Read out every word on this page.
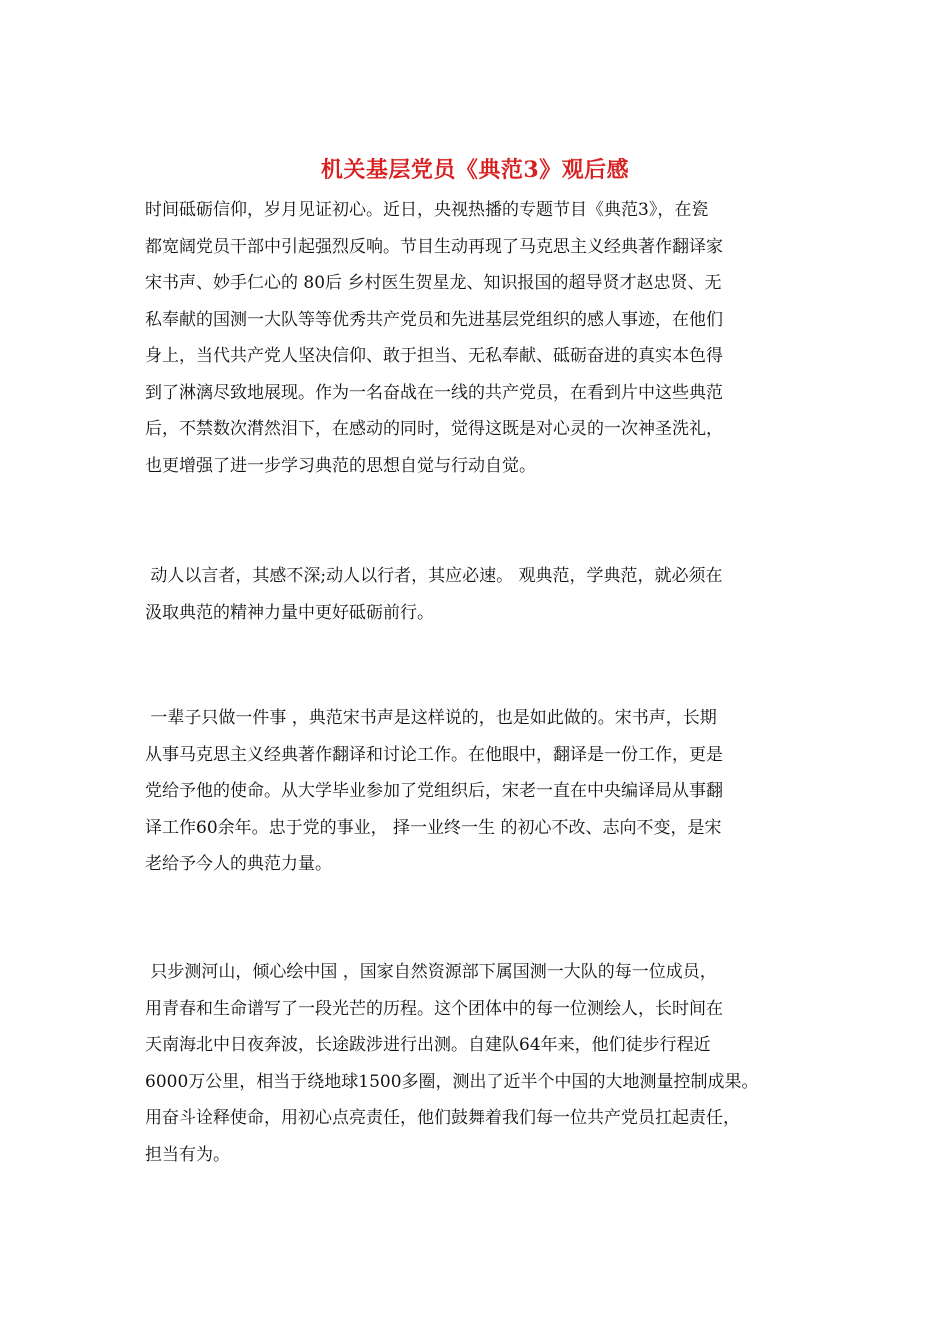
机关基层党员《典范3》观后感
时间砥砺信仰，岁月见证初心。近日，央视热播的专题节目《典范3》，在瓷
都宽阔党员干部中引起强烈反响。节目生动再现了马克思主义经典著作翻译家
宋书声、妙手仁心的 80后 乡村医生贺星龙、知识报国的超导贤才赵忠贤、无
私奉献的国测一大队等等优秀共产党员和先进基层党组织的感人事迹，在他们
身上，当代共产党人坚决信仰、敢于担当、无私奉献、砥砺奋进的真实本色得
到了淋漓尽致地展现。作为一名奋战在一线的共产党员，在看到片中这些典范
后，不禁数次潸然泪下，在感动的同时，觉得这既是对心灵的一次神圣洗礼，
也更增强了进一步学习典范的思想自觉与行动自觉。
动人以言者，其感不深;动人以行者，其应必速。 观典范，学典范，就必须在
汲取典范的精神力量中更好砥砺前行。
一辈子只做一件事 ，典范宋书声是这样说的，也是如此做的。宋书声，长期
从事马克思主义经典著作翻译和讨论工作。在他眼中，翻译是一份工作，更是
党给予他的使命。从大学毕业参加了党组织后，宋老一直在中央编译局从事翻
译工作60余年。忠于党的事业， 择一业终一生 的初心不改、志向不变，是宋
老给予今人的典范力量。
只步测河山，倾心绘中国 ，国家自然资源部下属国测一大队的每一位成员，
用青春和生命谱写了一段光芒的历程。这个团体中的每一位测绘人，长时间在
天南海北中日夜奔波，长途跋涉进行出测。自建队64年来，他们徒步行程近
6000万公里，相当于绕地球1500多圈，测出了近半个中国的大地测量控制成果。
用奋斗诠释使命，用初心点亮责任，他们鼓舞着我们每一位共产党员扛起责任，
担当有为。
